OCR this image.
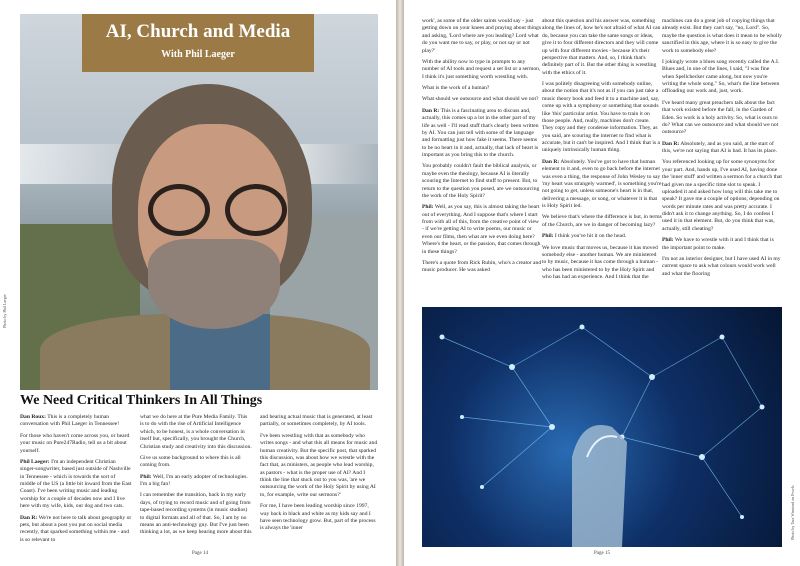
AI, Church and Media
With Phil Laeger
Photo by Phil Laeger
We Need Critical Thinkers In All Things

Dan Roux: This is a completely human conversation with Phil Laeger in Tennessee!

For those who haven't come across you, or heard your music on Pure247Radio, tell us a bit about yourself.

Phil Laeger: I'm an independent Christian singer-songwriter, based just outside of Nashville in Tennessee - which is towards the sort of middle of the US (a little bit inward from the East Coast). I've been writing music and leading worship for a couple of decades now and I live here with my wife, kids, our dog and two cats.

Dan R: We're not here to talk about geography or pets, but about a post you put on social media recently, that sparked something within me - and is so relevant to

what we do here at the Pure Media Family. This is to do with the rise of Artificial Intelligence which, to be honest, is a whole conversation in itself but, specifically, you brought the Church, Christian study and creativity into this discussion.

Give us some background to where this is all coming from.

Phil: Well, I'm an early adopter of technologies. I'm a big fan!

I can remember the transition, back in my early days, of trying to record music and of going from tape-based recording systems (in music studios) to digital formats and all of that. So, I am by no means an anti-technology guy. But I've just been thinking a lot, as we keep hearing more about this

and hearing actual music that is generated, at least partially, or sometimes completely, by AI tools.

I've been wrestling with that as somebody who writes songs - and what this all means for music and human creativity. But the specific post, that sparked this discussion, was about how we wrestle with the fact that, as ministers, as people who lead worship, as pastors - what is the proper use of AI? And I think the line that stuck out to you was, 'are we outsourcing the work of the Holy Spirit by using AI to, for example, write our sermons?'

For me, I have been leading worship since 1997, way back in black and white as my kids say and I have seen technology grow. But, part of the process is always the 'inner

Page 14

work', as some of the older saints would say - just getting down on your knees and praying about things and asking, 'Lord where are you leading? Lord what do you want me to say, or play, or not say or not play?'

With the ability now to type in prompts to any number of AI tools and request a set list or a sermon, I think it's just something worth wrestling with.

What is the work of a human?

What should we outsource and what should we not?

Dan R: This is a fascinating area to discuss and, actually, this comes up a lot in the other part of my life as well - I'll read stuff that's clearly been written by AI. You can just tell with some of the language and formatting just how fake it seems. There seems to be no heart in it and, actually, that lack of heart is important as you bring this to the church.

You probably couldn't fault the biblical analysis, or maybe even the theology, because AI is literally scouring the Internet to find stuff to present. But, to return to the question you posed, are we outsourcing the work of the Holy Spirit?

Phil: Well, as you say, this is almost taking the heart out of everything. And I suppose that's where I start from with all of this, from the creative point of view - if we're getting AI to write poems, our music or even our films, then what are we even doing here? Where's the heart, or the passion, that comes through in these things?

There's a quote from Rick Rubin, who's a creator and music producer. He was asked

about this question and his answer was, something along the lines of, how he's not afraid of what AI can do, because you can take the same songs or ideas, give it to four different directors and they will come up with four different movies - because it's their perspective that matters. And, so, I think that's definitely part of it. But the other thing is wrestling with the ethics of it.

I was politely disagreeing with somebody online, about the notion that it's not as if you can just take a music theory book and feed it to a machine and, say, come up with a symphony or something that sounds like 'this' particular artist. You have to train it on those people. And, really, machines don't create. They copy and they condense information. They, as you said, are scouring the internet to find what is accurate, but it can't be inspired. And I think that is a uniquely intrinsically human thing.

Dan R: Absolutely. You've got to have that human element to it and, even to go back before the internet was even a thing, the response of John Wesley to say 'my heart was strangely warmed', is something you're not going to get, unless someone's heart is in that, delivering a message, or song, or whatever it is that is Holy Spirit led.

We believe that's where the difference is but, in terms of the Church, are we in danger of becoming lazy?

Phil: I think you've hit it on the head.

We love music that moves us, because it has moved somebody else - another human. We are ministered to by music, because it has come through a human - who has been ministered to by the Holy Spirit and who has had an experience. And I think that the

machines can do a great job of copying things that already exist. But they can't say, "no, Lord". So, maybe the question is what does it mean to be wholly sanctified in this age, where it is so easy to give the work to somebody else?

I jokingly wrote a blues song recently called the A.I. Blues and, in one of the lines, I said, "I was fine when Spellchecker came along, but now you're writing the whole song." So, what's the line between offloading our work and, just, work.

I've heard many great preachers talk about the fact that work existed before the fall, in the Garden of Eden. So work is a holy activity. So, what is ours to do? What can we outsource and what should we not outsource?

Dan R: Absolutely, and as you said, at the start of this, we're not saying that AI is bad. It has its place.

You referenced looking up for some synonyms for your part. And, hands up, I've used AI, having done the 'inner stuff' and written a sermon for a church that had given me a specific time slot to speak. I uploaded it and asked how long will this take me to speak? It gave me a couple of options, depending on words per minute rates and was pretty accurate. I didn't ask it to change anything. So, I do confess I used it in that element. But, do you think that was, actually, still cheating?

Phil: We have to wrestle with it and I think that is the important point to make.

I'm not an interior designer, but I have used AI in my current space to ask what colours would work well and what the flooring

Photo by Tara Winstead on Pexels
Page 15
